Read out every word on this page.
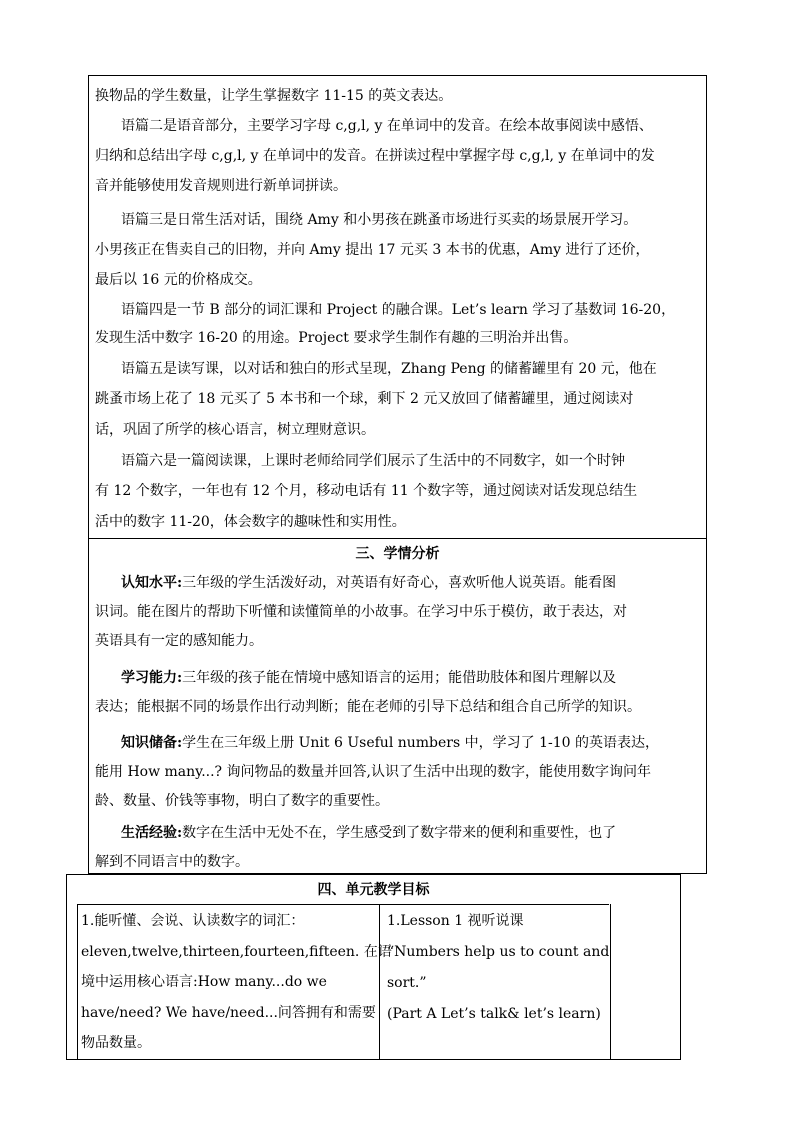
换物品的学生数量，让学生掌握数字 11-15 的英文表达。
语篇二是语音部分，主要学习字母 c,g,l, y 在单词中的发音。在绘本故事阅读中感悟、
归纳和总结出字母 c,g,l, y 在单词中的发音。在拼读过程中掌握字母 c,g,l, y 在单词中的发
音并能够使用发音规则进行新单词拼读。
语篇三是日常生活对话，围绕 Amy 和小男孩在跳蚤市场进行买卖的场景展开学习。
小男孩正在售卖自己的旧物，并向 Amy 提出 17 元买 3 本书的优惠，Amy 进行了还价，
最后以 16 元的价格成交。
语篇四是一节 B 部分的词汇课和 Project 的融合课。Let’s learn 学习了基数词 16-20，
发现生活中数字 16-20 的用途。Project 要求学生制作有趣的三明治并出售。
语篇五是读写课，以对话和独白的形式呈现，Zhang Peng 的储蓄罐里有 20 元，他在
跳蚤市场上花了 18 元买了 5 本书和一个球，剩下 2 元又放回了储蓄罐里，通过阅读对
话，巩固了所学的核心语言，树立理财意识。
语篇六是一篇阅读课，上课时老师给同学们展示了生活中的不同数字，如一个时钟
有 12 个数字，一年也有 12 个月，移动电话有 11 个数字等，通过阅读对话发现总结生
活中的数字 11-20，体会数字的趣味性和实用性。
三、学情分析
认知水平:三年级的学生活泼好动，对英语有好奇心，喜欢听他人说英语。能看图
识词。能在图片的帮助下听懂和读懂简单的小故事。在学习中乐于模仿，敢于表达，对
英语具有一定的感知能力。
学习能力:三年级的孩子能在情境中感知语言的运用；能借助肢体和图片理解以及
表达；能根据不同的场景作出行动判断；能在老师的引导下总结和组合自己所学的知识。
知识储备:学生在三年级上册 Unit 6 Useful numbers 中，学习了 1-10 的英语表达，
能用 How many...? 询问物品的数量并回答,认识了生活中出现的数字，能使用数字询问年
龄、数量、价钱等事物，明白了数字的重要性。
生活经验:数字在生活中无处不在，学生感受到了数字带来的便利和重要性，也了
解到不同语言中的数字。
四、单元教学目标
1.能听懂、会说、认读数字的词汇：
eleven,twelve,thirteen,fourteen,fifteen. 在语
境中运用核心语言:How many...do we
have/need? We have/need...问答拥有和需要
物品数量。
1.Lesson 1 视听说课
“Numbers help us to count and
sort.”
(Part A Let’s talk& let’s learn)
